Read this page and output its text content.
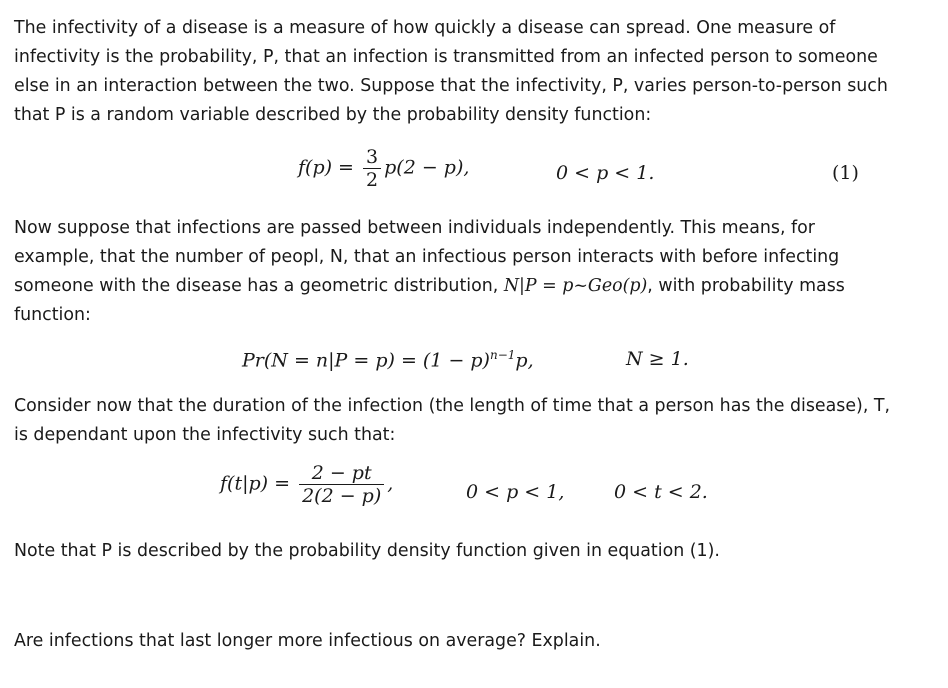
The infectivity of a disease is a measure of how quickly a disease can spread. One measure of
infectivity is the probability, P, that an infection is transmitted from an infected person to someone
else in an interaction between the two. Suppose that the infectivity, P, varies person-to-person such
that P is a random variable described by the probability density function:
$f(p) = \frac{3}{2} p(2 - p)$,	0 < p < 1.	(1)
Now suppose that infections are passed between individuals independently. This means, for
example, that the number of peopl, N, that an infectious person interacts with before infecting
someone with the disease has a geometric distribution, N|P = p~Geo(p), with probability mass
function:
$Pr(N = n|P = p) = (1 - p)^{n-1}p$,	N ≥ 1.
Consider now that the duration of the infection (the length of time that a person has the disease), T,
is dependant upon the infectivity such that:
$f(t|p) = \frac{2 - pt}{2(2 - p)}$ ,	0 < p < 1,	0 < t < 2.
Note that P is described by the probability density function given in equation (1).
Are infections that last longer more infectious on average? Explain.
